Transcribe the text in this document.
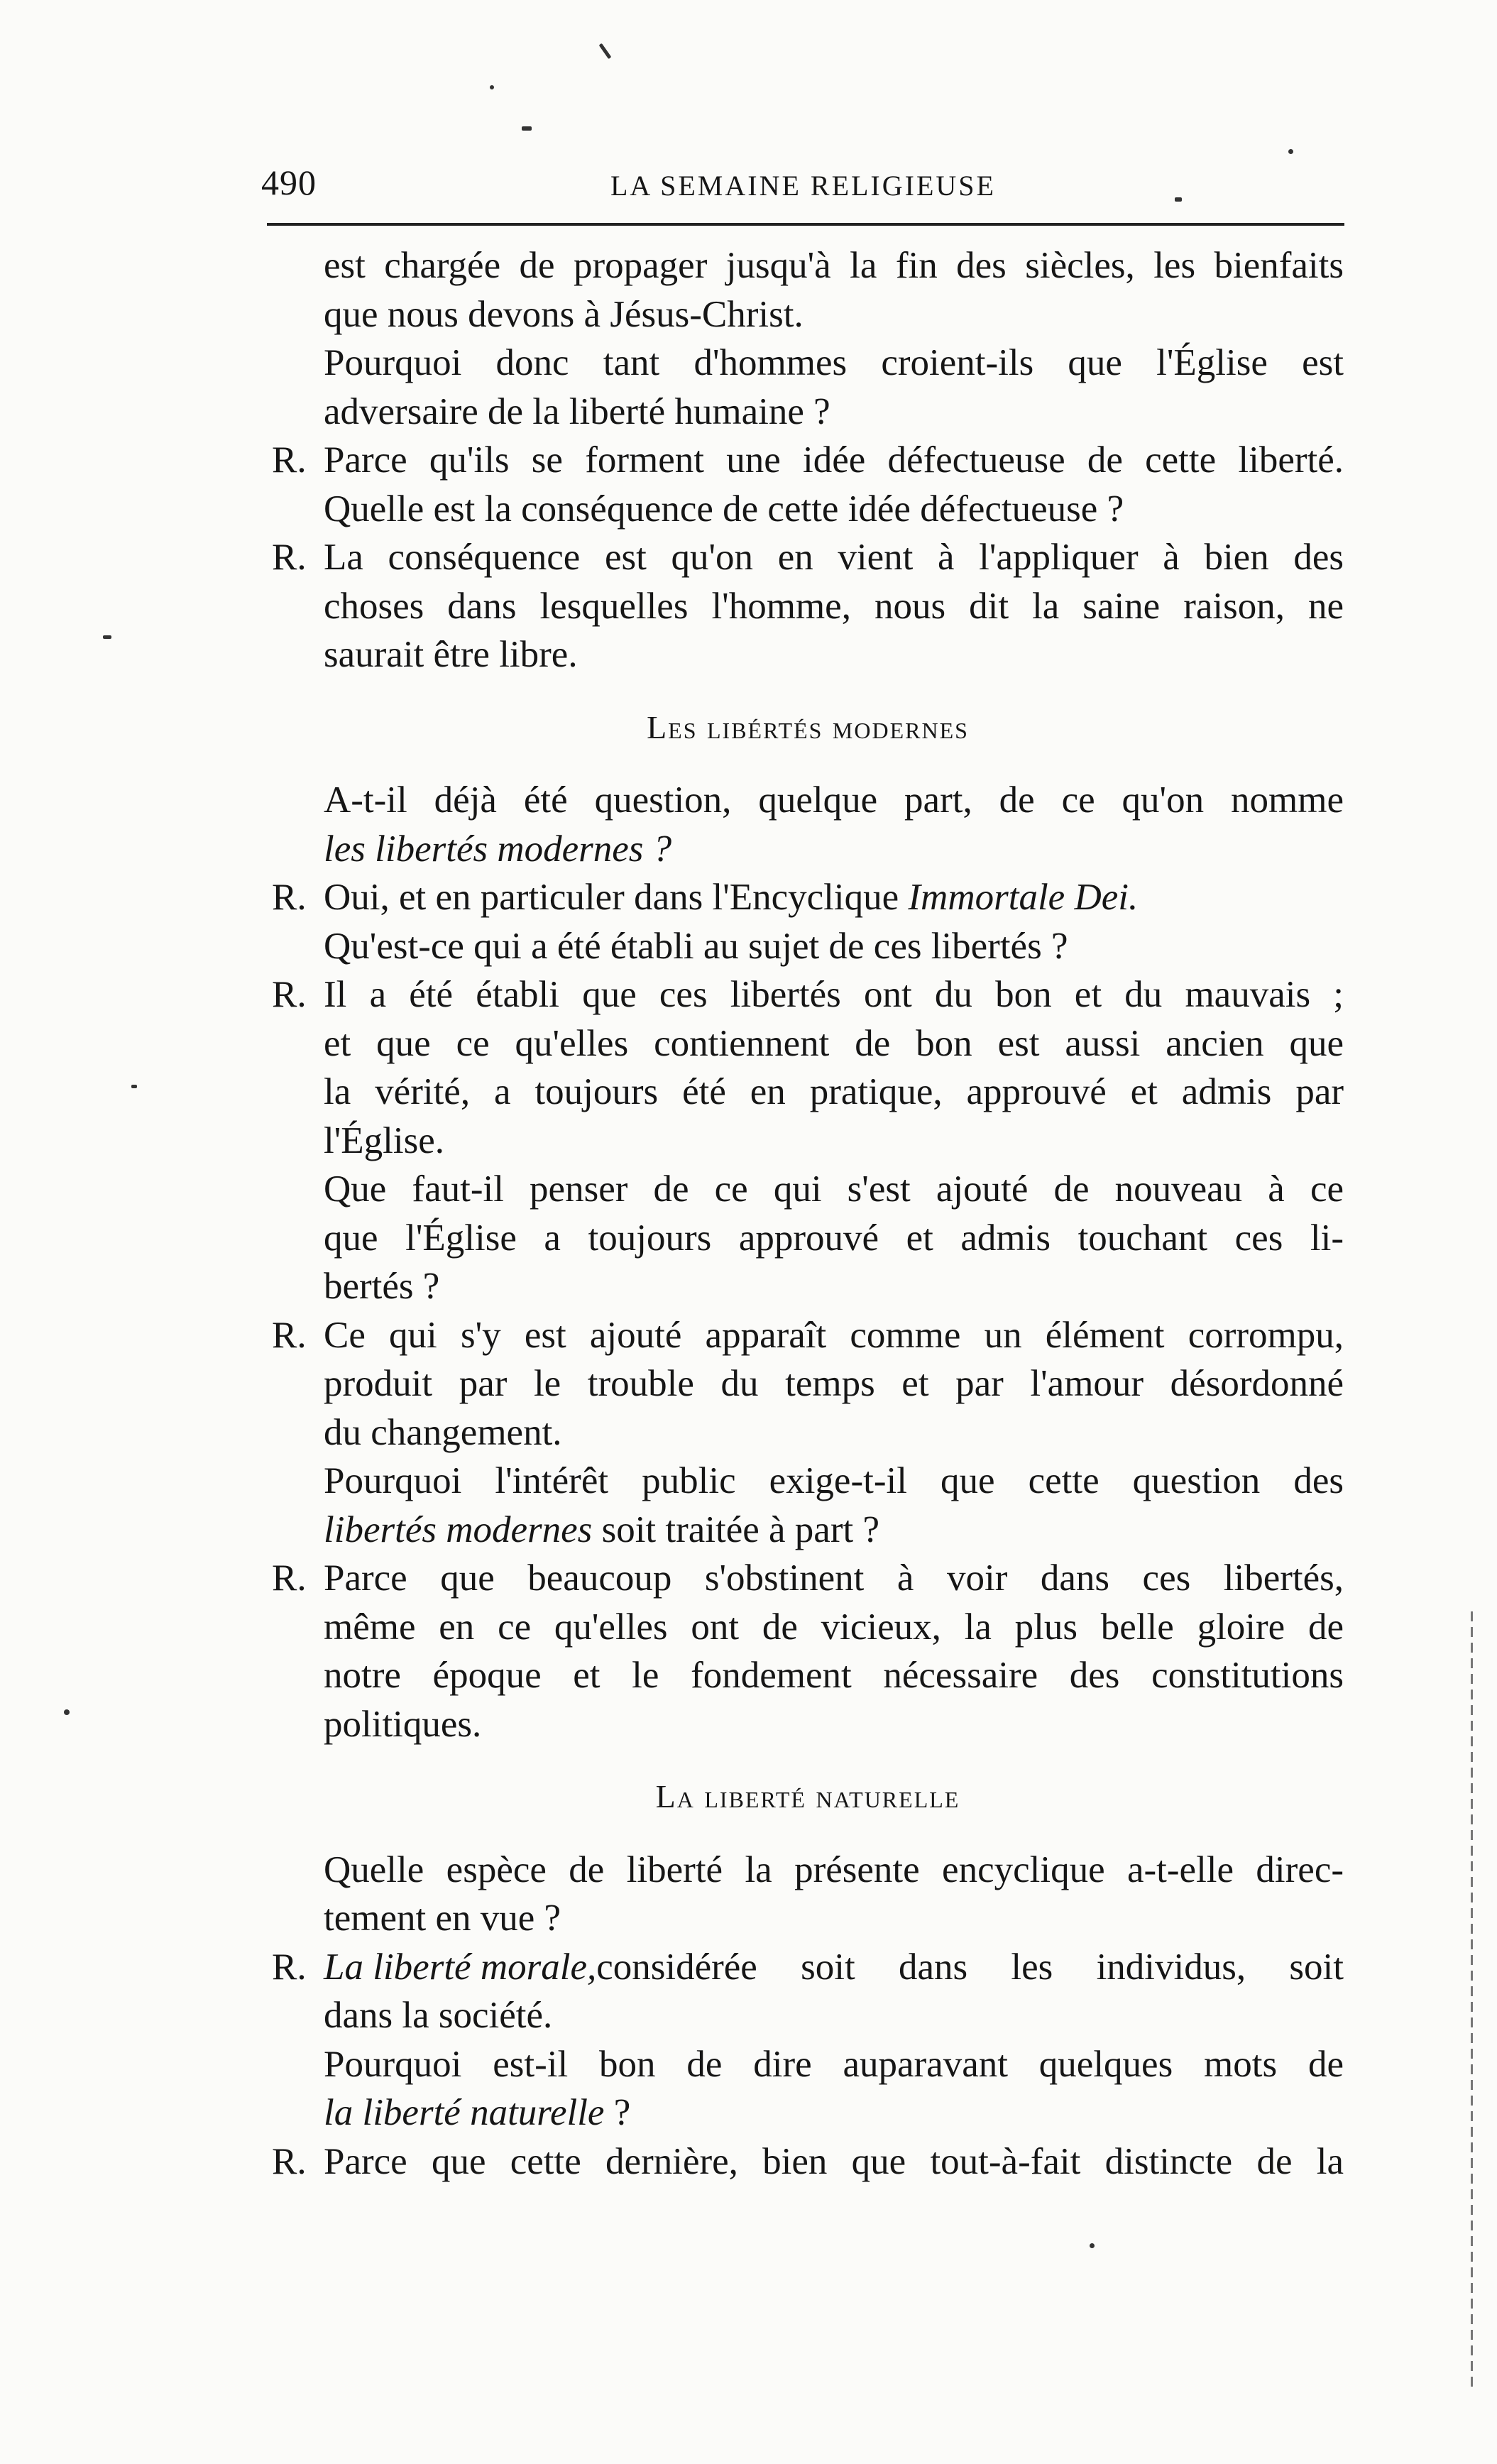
490	LA SEMAINE RELIGIEUSE
est chargée de propager jusqu'à la fin des siècles, les bienfaits
que nous devons à Jésus-Christ.
Pourquoi donc tant d'hommes croient-ils que l'Église est
adversaire de la liberté humaine ?
R. Parce qu'ils se forment une idée défectueuse de cette liberté.
Quelle est la conséquence de cette idée défectueuse ?
R. La conséquence est qu'on en vient à l'appliquer à bien des
choses dans lesquelles l'homme, nous dit la saine raison, ne
saurait être libre.
Les libértés modernes
A-t-il déjà été question, quelque part, de ce qu'on nomme
les libertés modernes ?
R. Oui, et en particuler dans l'Encyclique Immortale Dei.
Qu'est-ce qui a été établi au sujet de ces libertés ?
R. Il a été établi que ces libertés ont du bon et du mauvais ;
et que ce qu'elles contiennent de bon est aussi ancien que
la vérité, a toujours été en pratique, approuvé et admis par
l'Église.
Que faut-il penser de ce qui s'est ajouté de nouveau à ce
que l'Église a toujours approuvé et admis touchant ces li-
bertés ?
R. Ce qui s'y est ajouté apparaît comme un élément corrompu,
produit par le trouble du temps et par l'amour désordonné
du changement.
Pourquoi l'intérêt public exige-t-il que cette question des
libertés modernes soit traitée à part ?
R. Parce que beaucoup s'obstinent à voir dans ces libertés,
même en ce qu'elles ont de vicieux, la plus belle gloire de
notre époque et le fondement nécessaire des constitutions
politiques.
La liberté naturelle
Quelle espèce de liberté la présente encyclique a-t-elle direc-
tement en vue ?
R. La liberté morale, considérée soit dans les individus, soit
dans la société.
Pourquoi est-il bon de dire auparavant quelques mots de
la liberté naturelle ?
R. Parce que cette dernière, bien que tout-à-fait distincte de la
